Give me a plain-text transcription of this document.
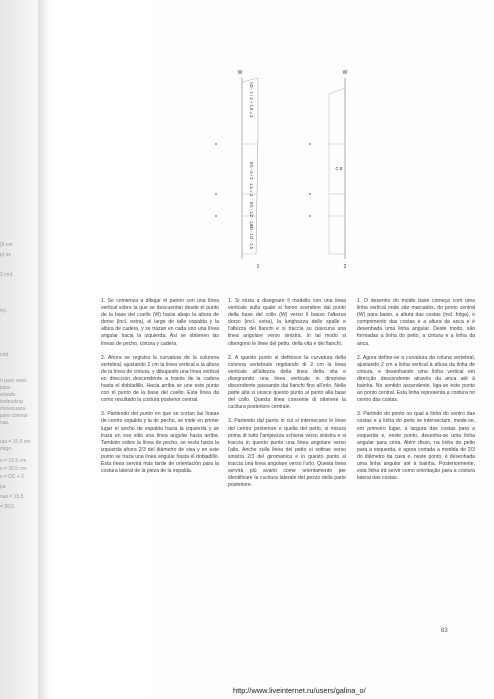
(5 cm
p) se
2 cm)
m).
cm)
n para vesti-
para
entado
iosteuding
d'esecuaca
pare contour
nas.
ras = 15,5 cm
rlego
n = 15,5 cm
x = 39,5 cm
x = DC + 2
pa
nas = 15,5
= 39,5
W
AD - 1 / 2 + 1,5 = 3
ES - 5 / 2 - 1,5 = 3
ES - 1/2 - 1,5
AD - 1/2 - 1,5
1
W
C B
2

1. Se comienza a dibujar el patrón con una línea vertical sobre la que se descuentan desde el punto de la base del cuello (W) hacia abajo la altura de dorso (incl. extra), el largo de talle espalda y la altura de cadera, y se trazan en cada uno una línea angular hacia la izquierda. Así se obtienen las líneas de pecho, cintura y cadera.

2. Ahora se registra la curvatura de la columna vertebral, ajustando 2 cm la línea vertical a la altura de la línea de cintura, y dibujando una línea vertical en dirección descendente a través de la cadera hasta el dobladillo. Hacia arriba se une este punto con el punto de la base del cuello. Esta línea da como resultado la costura posterior central.

3. Partiendo del punto en que se cortan las líneas de centro espalda y la de pecho, se mide en primer lugar el ancho de espalda hacia la izquierda y se traza en ese sitio una línea angular hacia arriba. También sobre la línea de pecho, se resta hacia la izquierda ahora 2/3 del diámetro de sisa y en este punto se traza una línea angular hasta el dobladillo. Esta línea servirá más tarde de orientación para la costura lateral de la pieza de la espalda.

1. Si inizia a disegnare il modello con una linea verticale sulla quale si fanno scendere dal punto della base del collo (W) verso il basso l'altezza dorso (incl. extra), la lunghezza dello spalle e l'altezza dei fianchi e si traccia su ciascuna una linea angolare verso sinistra. In tal modo si ottengono le linee del petto, della vita e dei fianchi.

2. A questo punto si definisce la curvatura della colonna vertebrale regolando di 2 cm la linea verticale all'altezza della linea della vita e disegnando una linea verticale in direzione discendente passando dai fianchi fino all'orlo. Nella parte alta si unisce questo punto al punto alla base del collo. Questa linea consente di ottenere la cucitura posteriore centrale.

3. Partendo dal punto in cui si intersecano le linee del centro posteriore e quella del petto, si misura prima di tutto l'ampiezza schiena verso sinistra e si traccia in questo punto una linea angolare verso l'alto. Anche sulla linea del petto si sottrae verso sinistra 2/3 del giromanica e in questo punto si traccia una linea angolare verso l'orlo. Questa linea servirà più avanti come orientamento per identificare la cucitura laterale del pezzo della parte posteriore.

1. O desenho do molde base começa com uma linha vertical onde são marcados, do ponto central (W) para baixo, a altura das costas (incl. folga), o comprimento das costas e a altura da anca e é desenhada uma linha angular. Deste modo, são formadas a linha do peito, a cintura e a linha da anca.

2. Agora define-se a curvatura da coluna vertebral, ajustando 2 cm a linha vertical à altura da linha de cintura, e desenhando uma linha vertical em direcção descendente através da anca até à bainha. No sentido ascendente, liga-se este ponto ao ponto central. Esta linha representa a costura no centro das costas.

3. Partindo do ponto no qual a linha do centro das costas e a linha do peito se intersectam, mede-se, em primeiro lugar, a largura das costas para a esquerda e, neste ponto, desenha-se uma linha angular para cima. Além disso, na linha do peito para a esquerda, é agora cortada a medida de 2/3 do diâmetro da cava e, neste ponto, é desenhada uma linha angular até à bainha. Posteriormente, esta linha irá servir como orientação para a costura lateral das costas.

83
http://www.liveinternet.ru/users/galina_o/
